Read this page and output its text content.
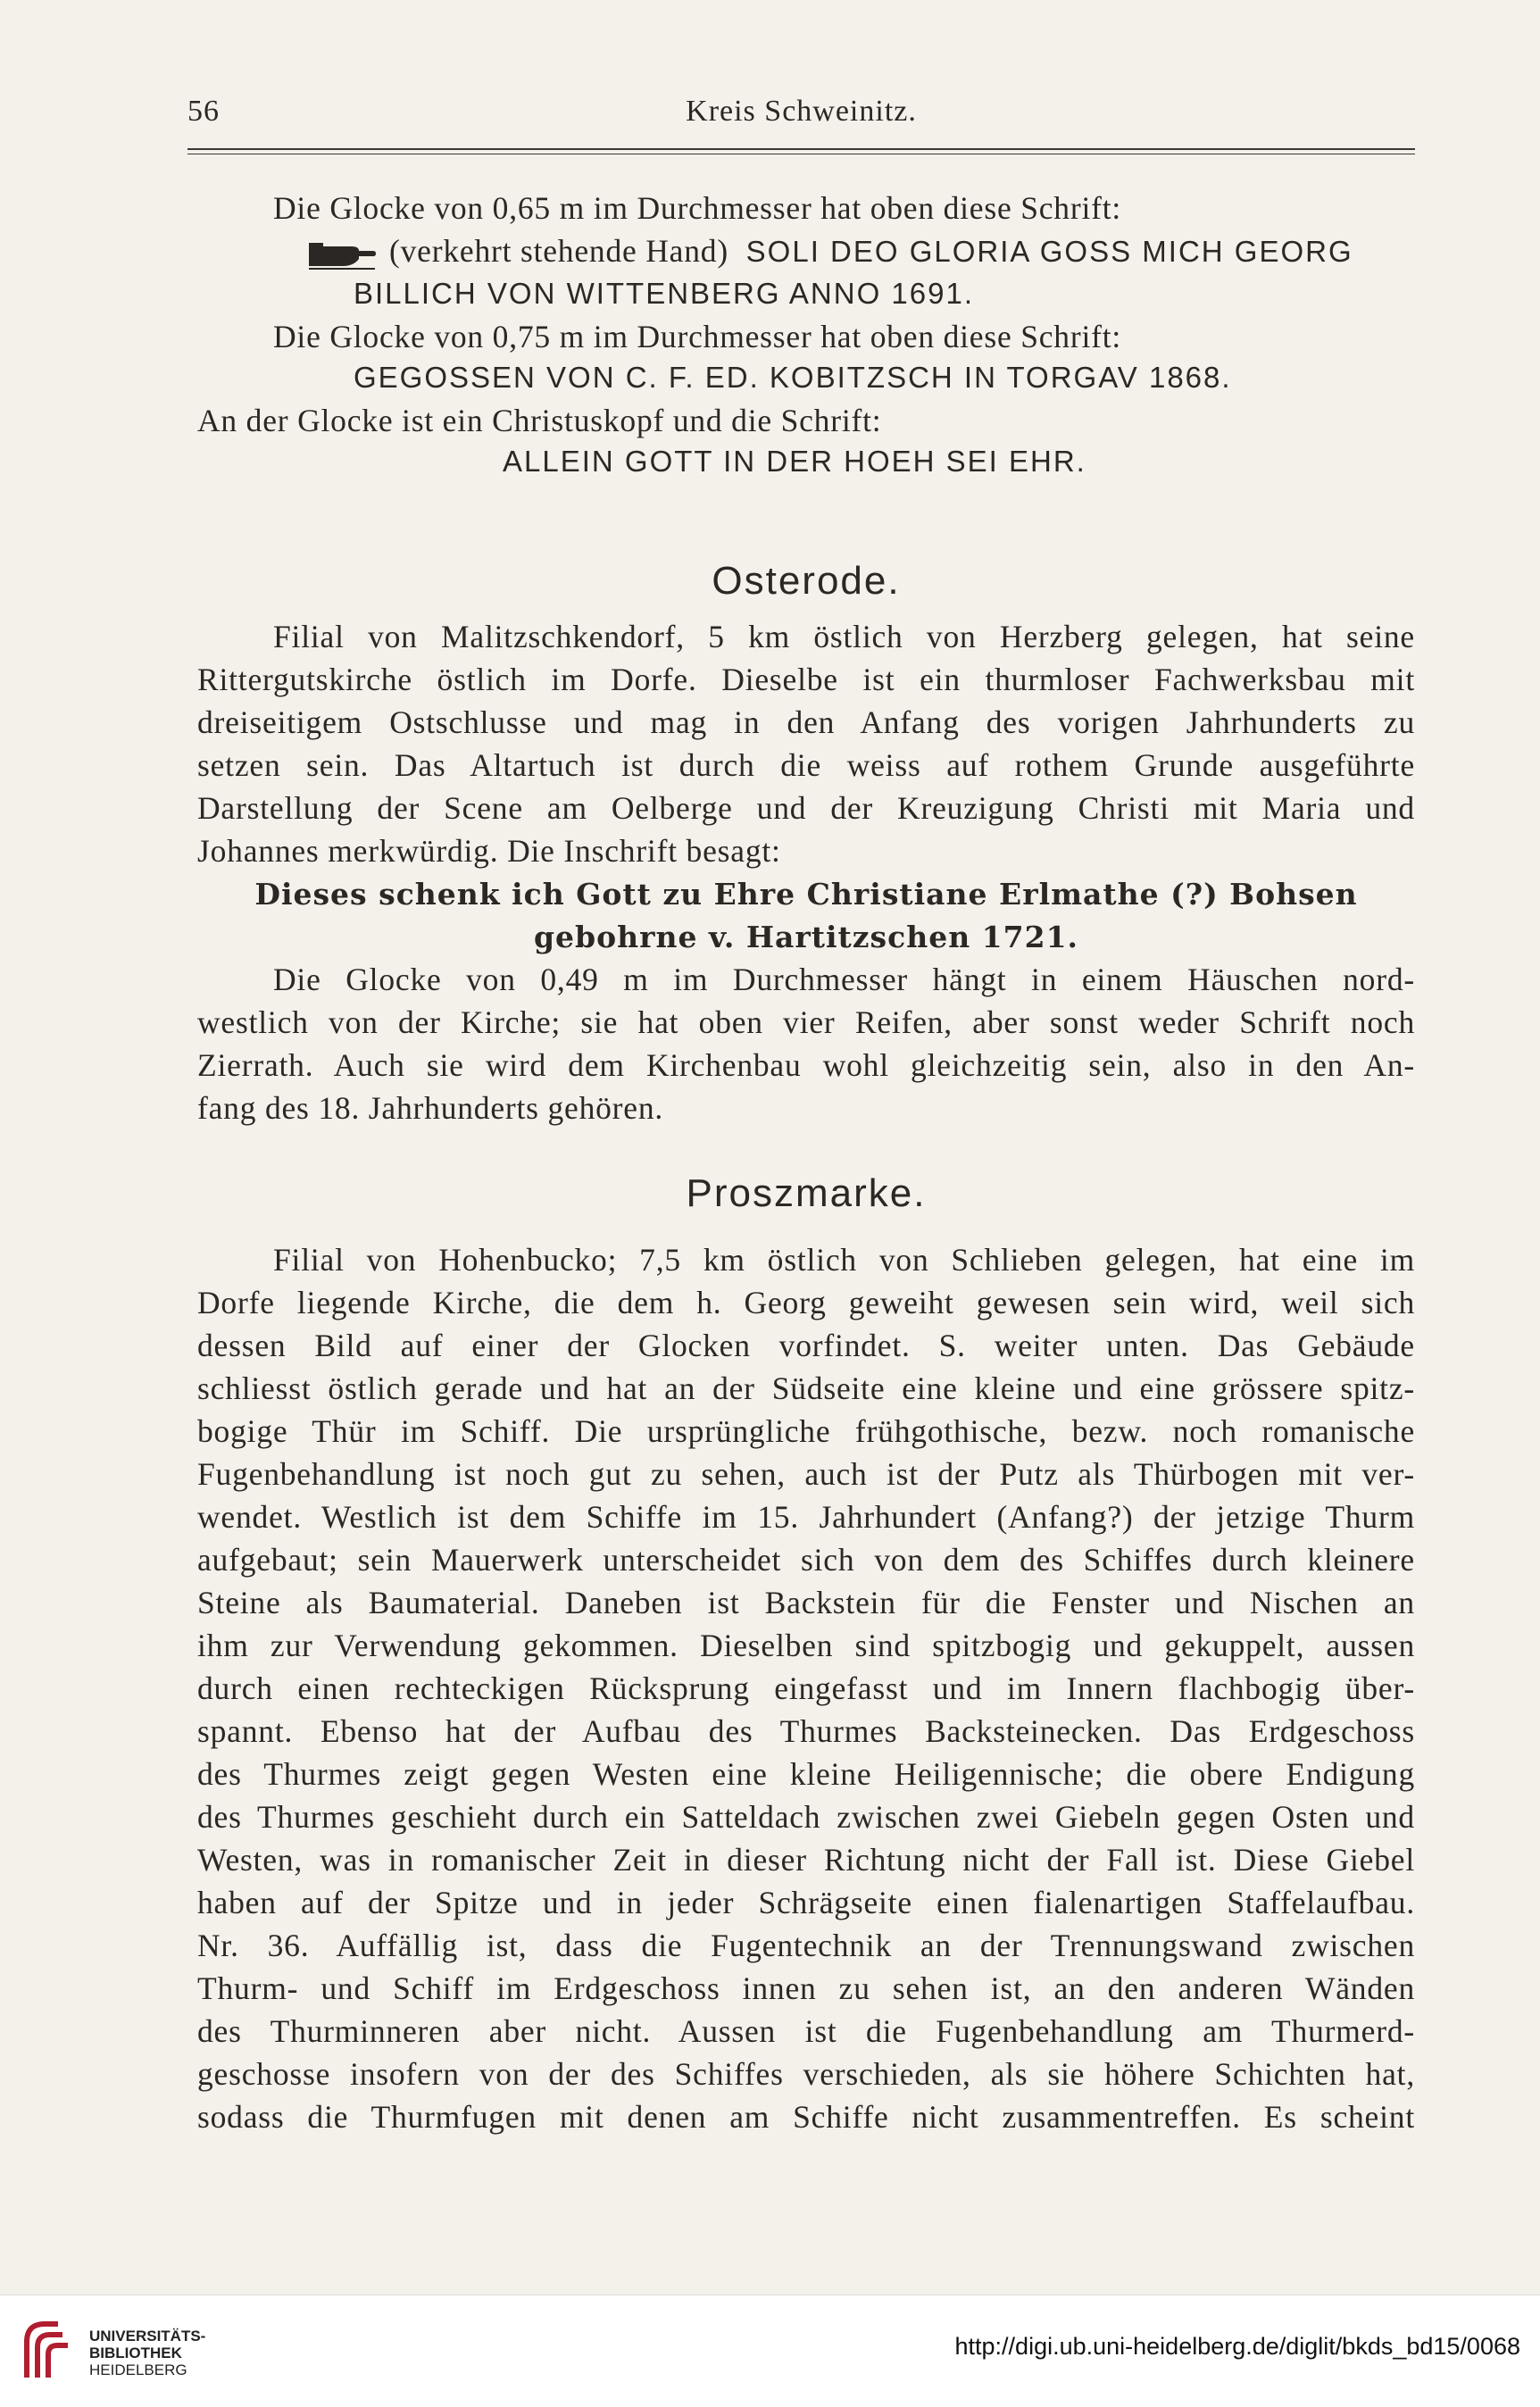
56	Kreis Schweinitz.
Die Glocke von 0,65 m im Durchmesser hat oben diese Schrift:
(verkehrt stehende Hand) SOLI DEO GLORIA GOSS MICH GEORG
BILLICH VON WITTENBERG ANNO 1691.
Die Glocke von 0,75 m im Durchmesser hat oben diese Schrift:
GEGOSSEN VON C. F. ED. KOBITZSCH IN TORGAV 1868.
An der Glocke ist ein Christuskopf und die Schrift:
ALLEIN GOTT IN DER HOEH SEI EHR.
Osterode.
Filial von Malitzschkendorf, 5 km östlich von Herzberg gelegen, hat seine
Rittergutskirche östlich im Dorfe. Dieselbe ist ein thurmloser Fachwerksbau mit
dreiseitigem Ostschlusse und mag in den Anfang des vorigen Jahrhunderts zu
setzen sein. Das Altartuch ist durch die weiss auf rothem Grunde ausgeführte
Darstellung der Scene am Oelberge und der Kreuzigung Christi mit Maria und
Johannes merkwürdig. Die Inschrift besagt:
Dieses schenk ich Gott zu Ehre Christiane Erlmathe (?) Bohsen
gebohrne v. Hartitzschen 1721.
Die Glocke von 0,49 m im Durchmesser hängt in einem Häuschen nord-
westlich von der Kirche; sie hat oben vier Reifen, aber sonst weder Schrift noch
Zierrath. Auch sie wird dem Kirchenbau wohl gleichzeitig sein, also in den An-
fang des 18. Jahrhunderts gehören.
Proszmarke.
Filial von Hohenbucko; 7,5 km östlich von Schlieben gelegen, hat eine im
Dorfe liegende Kirche, die dem h. Georg geweiht gewesen sein wird, weil sich
dessen Bild auf einer der Glocken vorfindet. S. weiter unten. Das Gebäude
schliesst östlich gerade und hat an der Südseite eine kleine und eine grössere spitz-
bogige Thür im Schiff. Die ursprüngliche frühgothische, bezw. noch romanische
Fugenbehandlung ist noch gut zu sehen, auch ist der Putz als Thürbogen mit ver-
wendet. Westlich ist dem Schiffe im 15. Jahrhundert (Anfang?) der jetzige Thurm
aufgebaut; sein Mauerwerk unterscheidet sich von dem des Schiffes durch kleinere
Steine als Baumaterial. Daneben ist Backstein für die Fenster und Nischen an
ihm zur Verwendung gekommen. Dieselben sind spitzbogig und gekuppelt, aussen
durch einen rechteckigen Rücksprung eingefasst und im Innern flachbogig über-
spannt. Ebenso hat der Aufbau des Thurmes Backsteinecken. Das Erdgeschoss
des Thurmes zeigt gegen Westen eine kleine Heiligennische; die obere Endigung
des Thurmes geschieht durch ein Satteldach zwischen zwei Giebeln gegen Osten und
Westen, was in romanischer Zeit in dieser Richtung nicht der Fall ist. Diese Giebel
haben auf der Spitze und in jeder Schrägseite einen fialenartigen Staffelaufbau.
Nr. 36. Auffällig ist, dass die Fugentechnik an der Trennungswand zwischen
Thurm- und Schiff im Erdgeschoss innen zu sehen ist, an den anderen Wänden
des Thurminneren aber nicht. Aussen ist die Fugenbehandlung am Thurmerd-
geschosse insofern von der des Schiffes verschieden, als sie höhere Schichten hat,
sodass die Thurmfugen mit denen am Schiffe nicht zusammentreffen. Es scheint
UNIVERSITÄTS-
BIBLIOTHEK
HEIDELBERG
http://digi.ub.uni-heidelberg.de/diglit/bkds_bd15/0068
